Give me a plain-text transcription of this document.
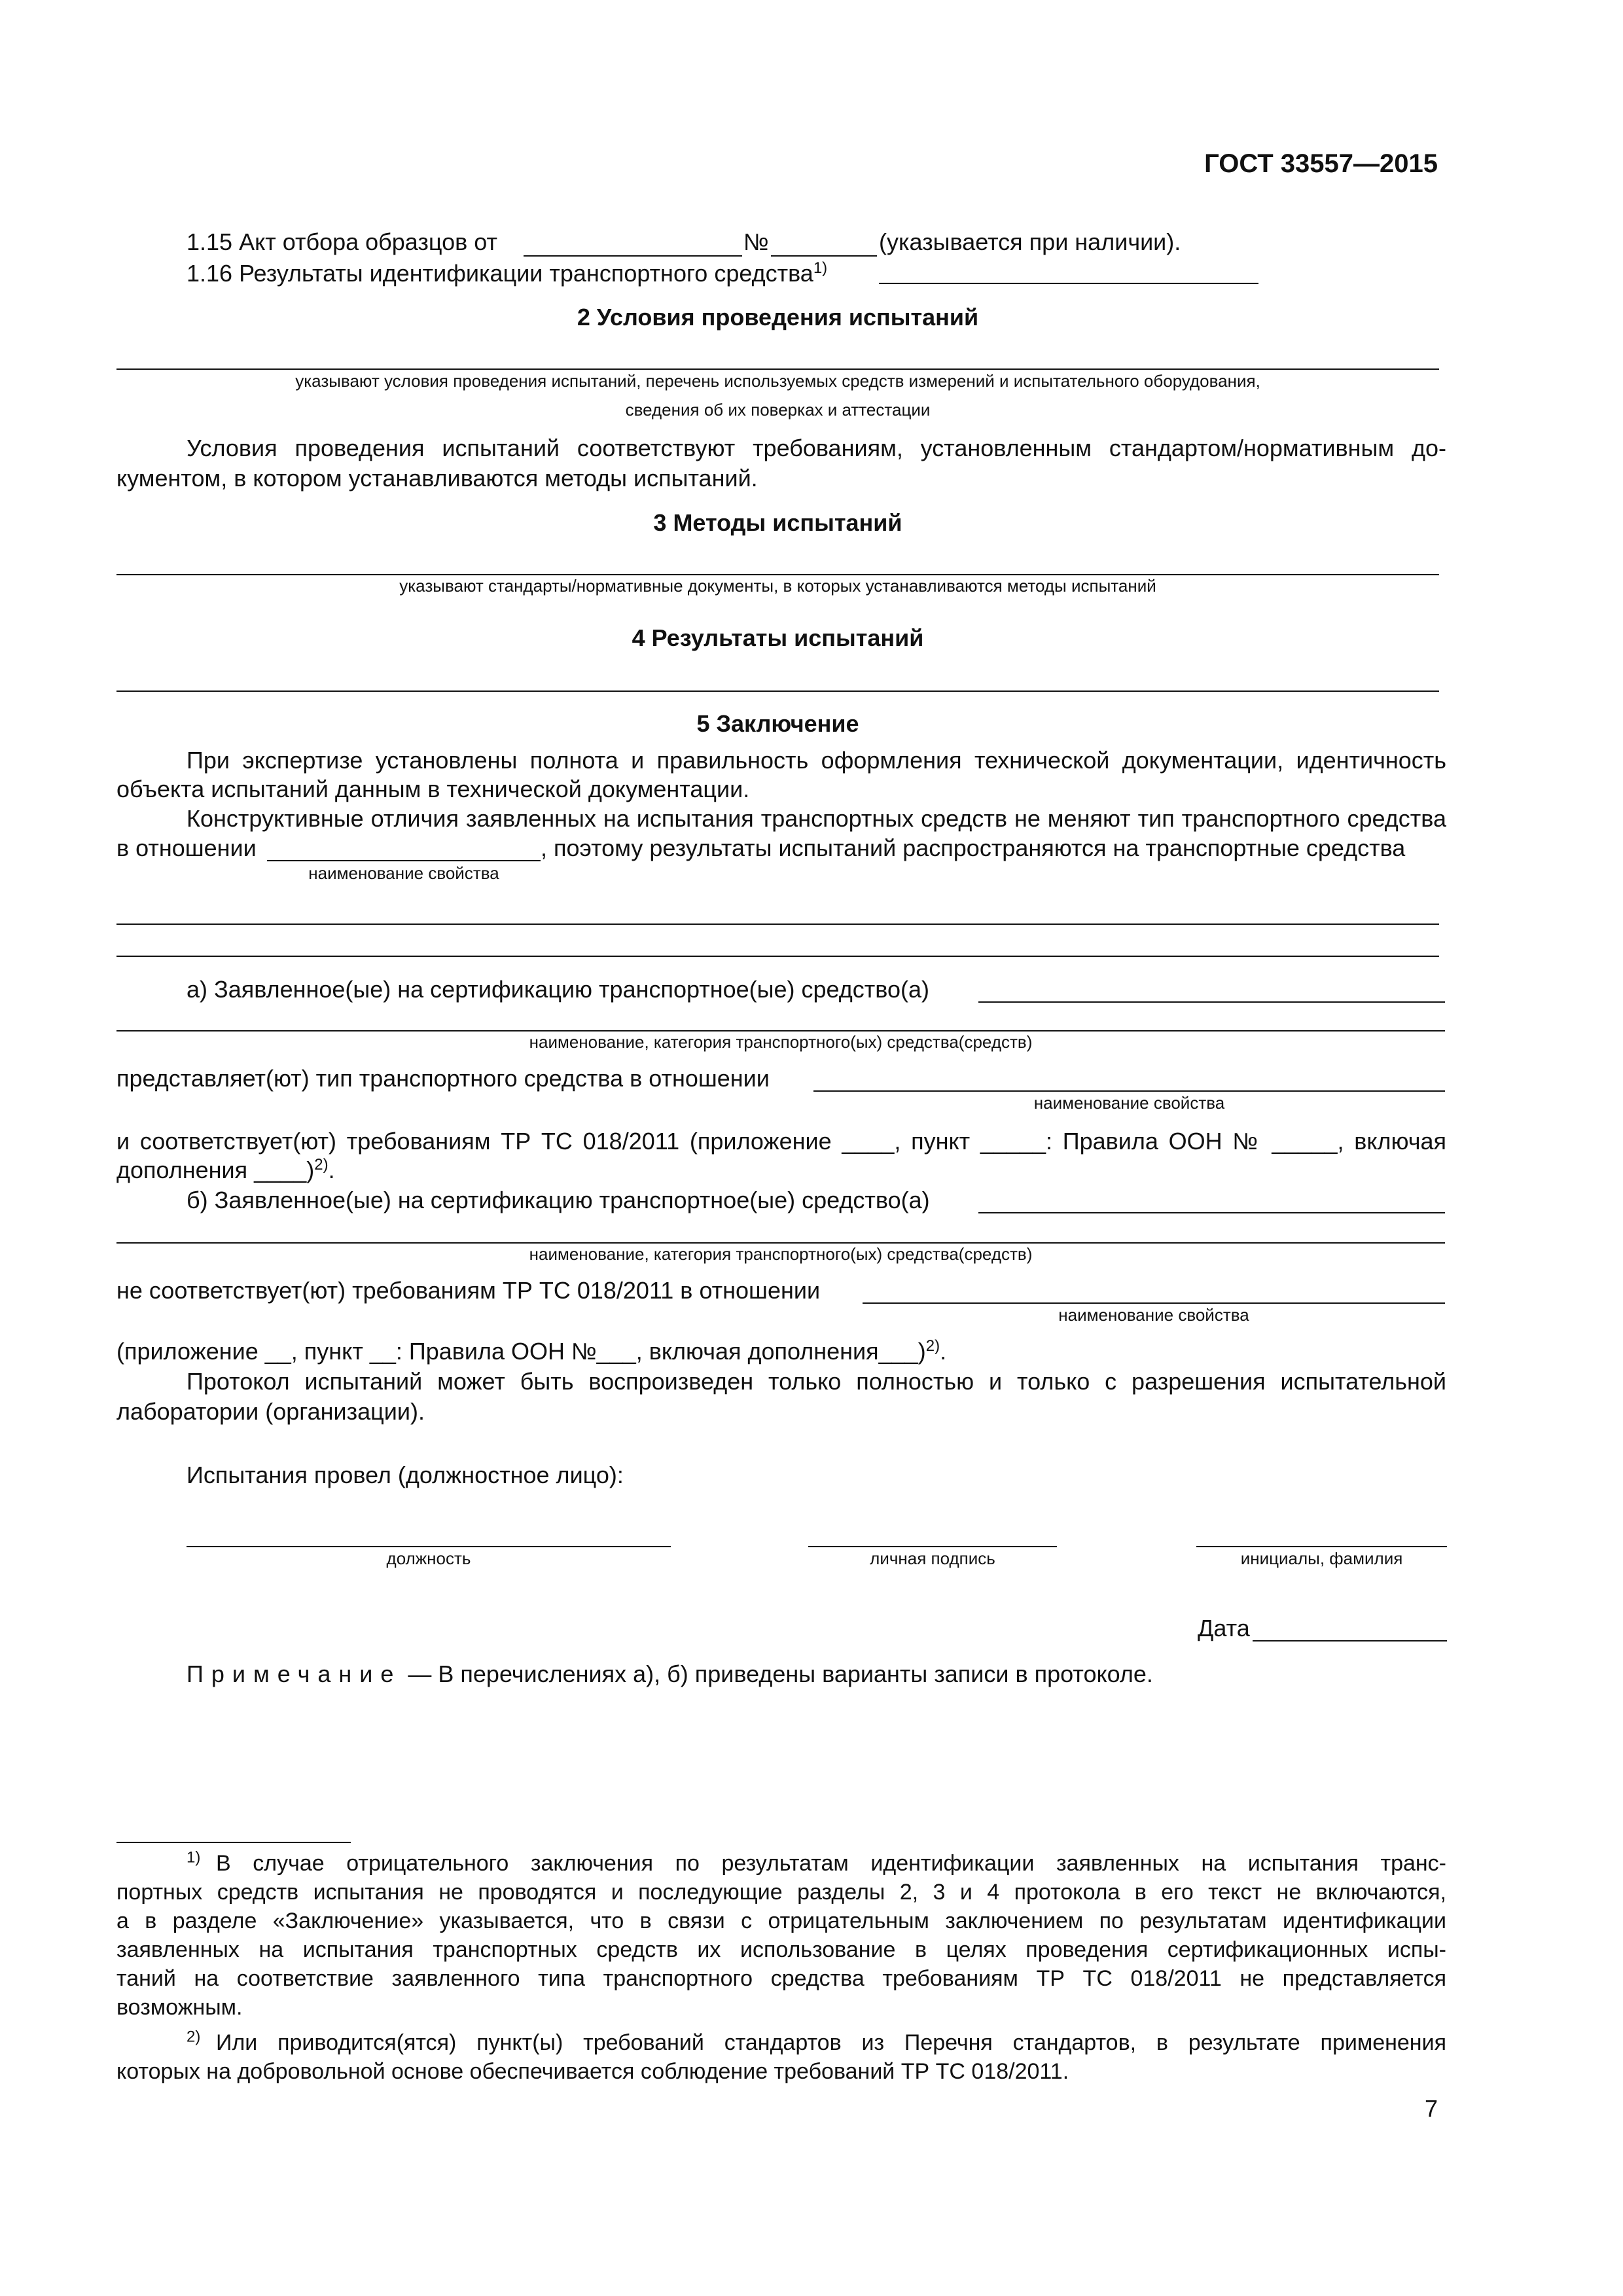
ГОСТ 33557—2015
1.15 Акт отбора образцов от	№	(указывается при наличии).
1.16 Результаты идентификации транспортного средства$^{1)}$
2 Условия проведения испытаний
указывают условия проведения испытаний, перечень используемых средств измерений и испытательного оборудования,
сведения об их поверках и аттестации
Условия проведения испытаний соответствуют требованиям, установленным стандартом/нормативным до-
кументом, в котором устанавливаются методы испытаний.
3 Методы испытаний
указывают стандарты/нормативные документы, в которых устанавливаются методы испытаний
4 Результаты испытаний
5 Заключение
При экспертизе установлены полнота и правильность оформления технической документации, идентичность
объекта испытаний данным в технической документации.
Конструктивные отличия заявленных на испытания транспортных средств не меняют тип транспортного средства
в отношении	, поэтому результаты испытаний распространяются на транспортные средства
наименование свойства
а) Заявленное(ые) на сертификацию транспортное(ые) средство(а)
наименование, категория транспортного(ых) средства(средств)
представляет(ют) тип транспортного средства в отношении
наименование свойства
и соответствует(ют) требованиям ТР ТС 018/2011 (приложение ____, пункт _____: Правила ООН № _____, включая
дополнения ____)$^{2)}$.
б) Заявленное(ые) на сертификацию транспортное(ые) средство(а)
наименование, категория транспортного(ых) средства(средств)
не соответствует(ют) требованиям ТР ТС 018/2011 в отношении
наименование свойства
(приложение __, пункт __: Правила ООН №___, включая дополнения___)$^{2)}$.
Протокол испытаний может быть воспроизведен только полностью и только с разрешения испытательной
лаборатории (организации).
Испытания провел (должностное лицо):
должность	личная подпись	инициалы, фамилия
Дата
Примечание — В перечислениях а), б) приведены варианты записи в протоколе.
$^{1)}$ В случае отрицательного заключения по результатам идентификации заявленных на испытания транс-
портных средств испытания не проводятся и последующие разделы 2, 3 и 4 протокола в его текст не включаются,
а в разделе «Заключение» указывается, что в связи с отрицательным заключением по результатам идентификации
заявленных на испытания транспортных средств их использование в целях проведения сертификационных испы-
таний на соответствие заявленного типа транспортного средства требованиям ТР ТС 018/2011 не представляется
возможным.
$^{2)}$ Или приводится(ятся) пункт(ы) требований стандартов из Перечня стандартов, в результате применения
которых на добровольной основе обеспечивается соблюдение требований ТР ТС 018/2011.
7
